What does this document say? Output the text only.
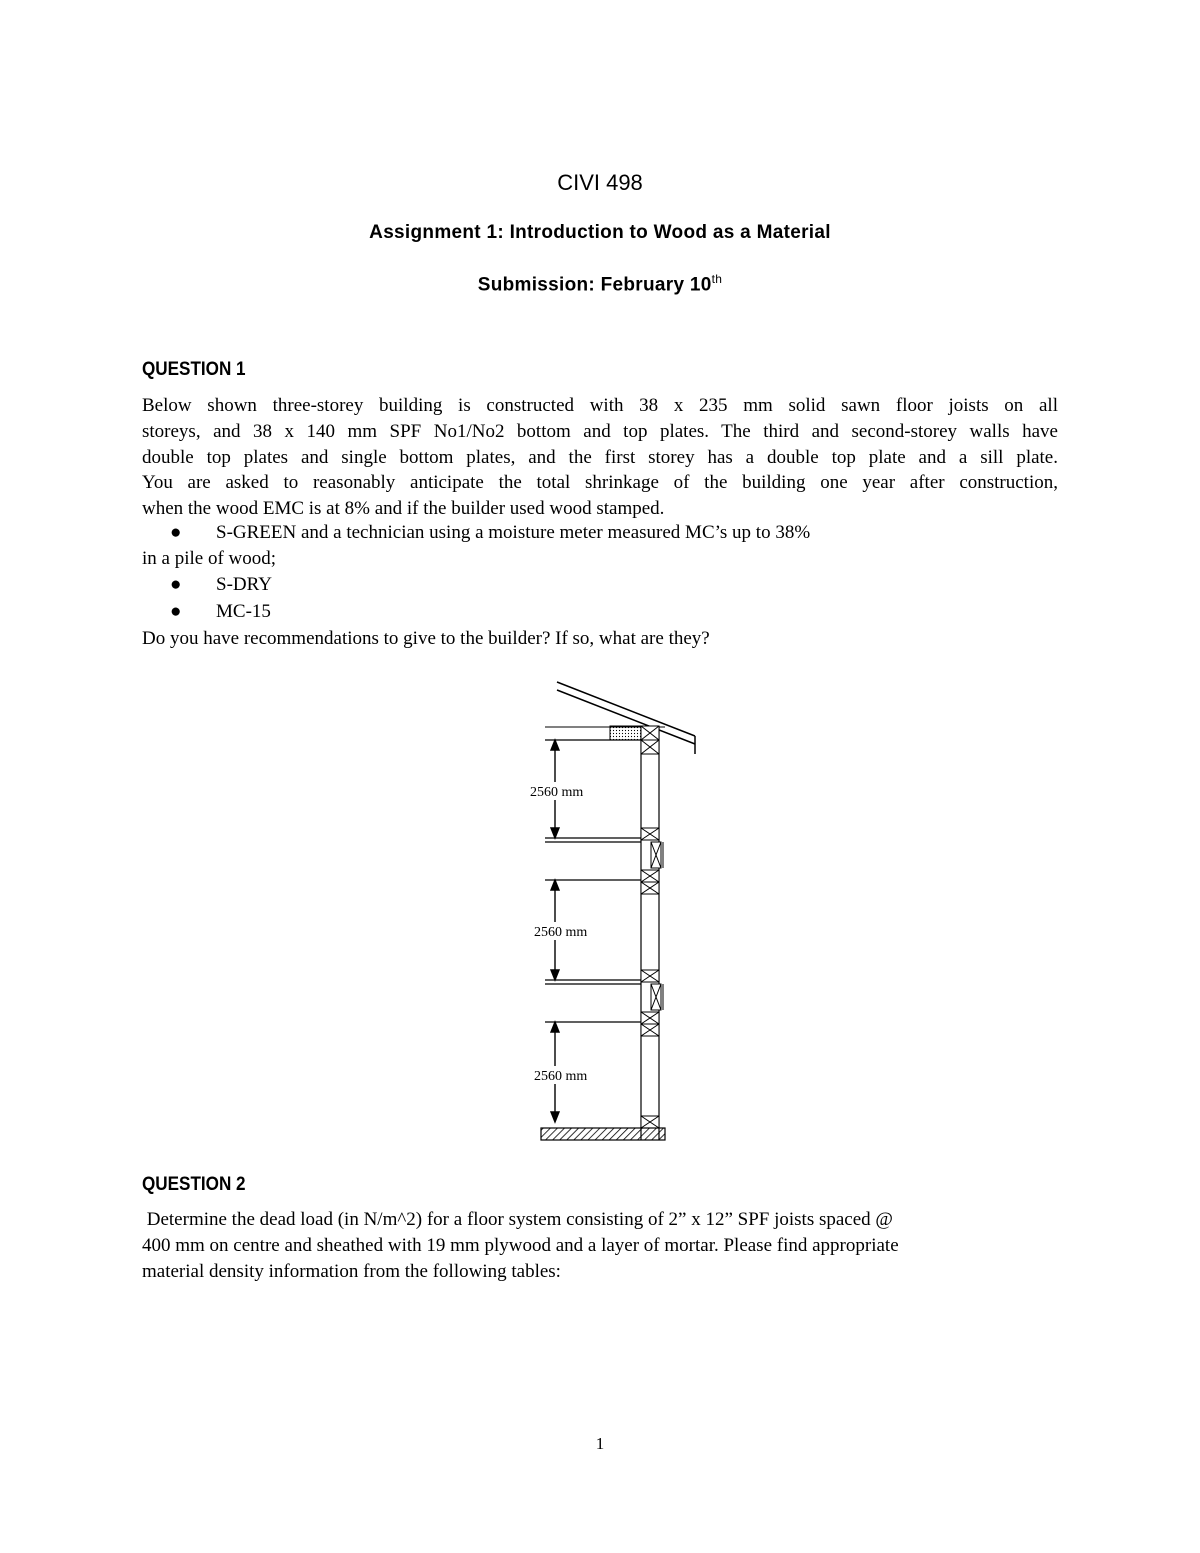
CIVI 498
Assignment 1: Introduction to Wood as a Material
Submission: February 10th
QUESTION 1
Below shown three-storey building is constructed with 38 x 235 mm solid sawn floor joists on all
storeys, and 38 x 140 mm SPF No1/No2 bottom and top plates. The third and second-storey walls have
double top plates and single bottom plates, and the first storey has a double top plate and a sill plate.
You are asked to reasonably anticipate the total shrinkage of the building one year after construction,
when the wood EMC is at 8% and if the builder used wood stamped.
● S-GREEN and a technician using a moisture meter measured MC’s up to 38%
in a pile of wood;
● S-DRY
● MC-15
Do you have recommendations to give to the builder? If so, what are they?
2560 mm
2560 mm
2560 mm
QUESTION 2
Determine the dead load (in N/m^2) for a floor system consisting of 2” x 12” SPF joists spaced @
400 mm on centre and sheathed with 19 mm plywood and a layer of mortar. Please find appropriate
material density information from the following tables:
1
